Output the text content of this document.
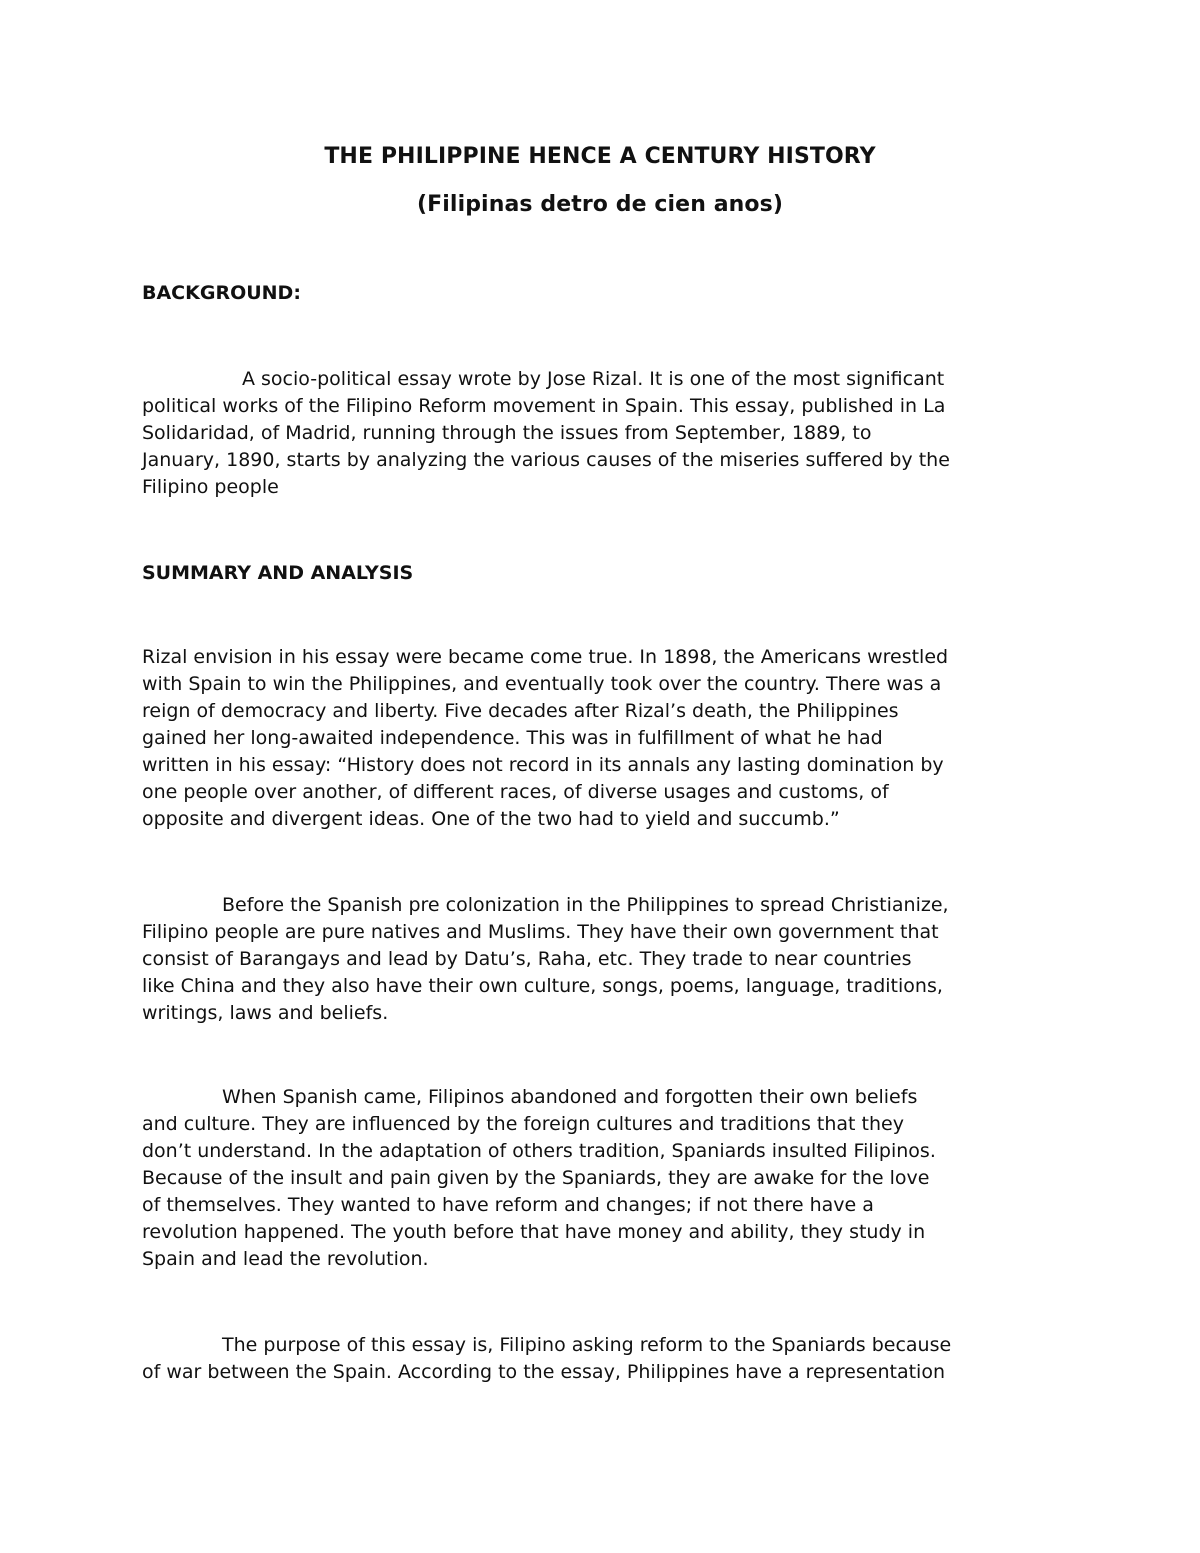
THE PHILIPPINE HENCE A CENTURY HISTORY
(Filipinas detro de cien anos)
BACKGROUND:

A socio-political essay wrote by Jose Rizal. It is one of the most significant
political works of the Filipino Reform movement in Spain. This essay, published in La
Solidaridad, of Madrid, running through the issues from September, 1889, to
January, 1890, starts by analyzing the various causes of the miseries suffered by the
Filipino people

SUMMARY AND ANALYSIS

Rizal envision in his essay were became come true. In 1898, the Americans wrestled
with Spain to win the Philippines, and eventually took over the country. There was a
reign of democracy and liberty. Five decades after Rizal’s death, the Philippines
gained her long-awaited independence. This was in fulfillment of what he had
written in his essay: “History does not record in its annals any lasting domination by
one people over another, of different races, of diverse usages and customs, of
opposite and divergent ideas. One of the two had to yield and succumb.”

Before the Spanish pre colonization in the Philippines to spread Christianize,
Filipino people are pure natives and Muslims. They have their own government that
consist of Barangays and lead by Datu’s, Raha, etc. They trade to near countries
like China and they also have their own culture, songs, poems, language, traditions,
writings, laws and beliefs.

When Spanish came, Filipinos abandoned and forgotten their own beliefs
and culture. They are influenced by the foreign cultures and traditions that they
don’t understand. In the adaptation of others tradition, Spaniards insulted Filipinos.
Because of the insult and pain given by the Spaniards, they are awake for the love
of themselves. They wanted to have reform and changes; if not there have a
revolution happened. The youth before that have money and ability, they study in
Spain and lead the revolution.

The purpose of this essay is, Filipino asking reform to the Spaniards because
of war between the Spain. According to the essay, Philippines have a representation
